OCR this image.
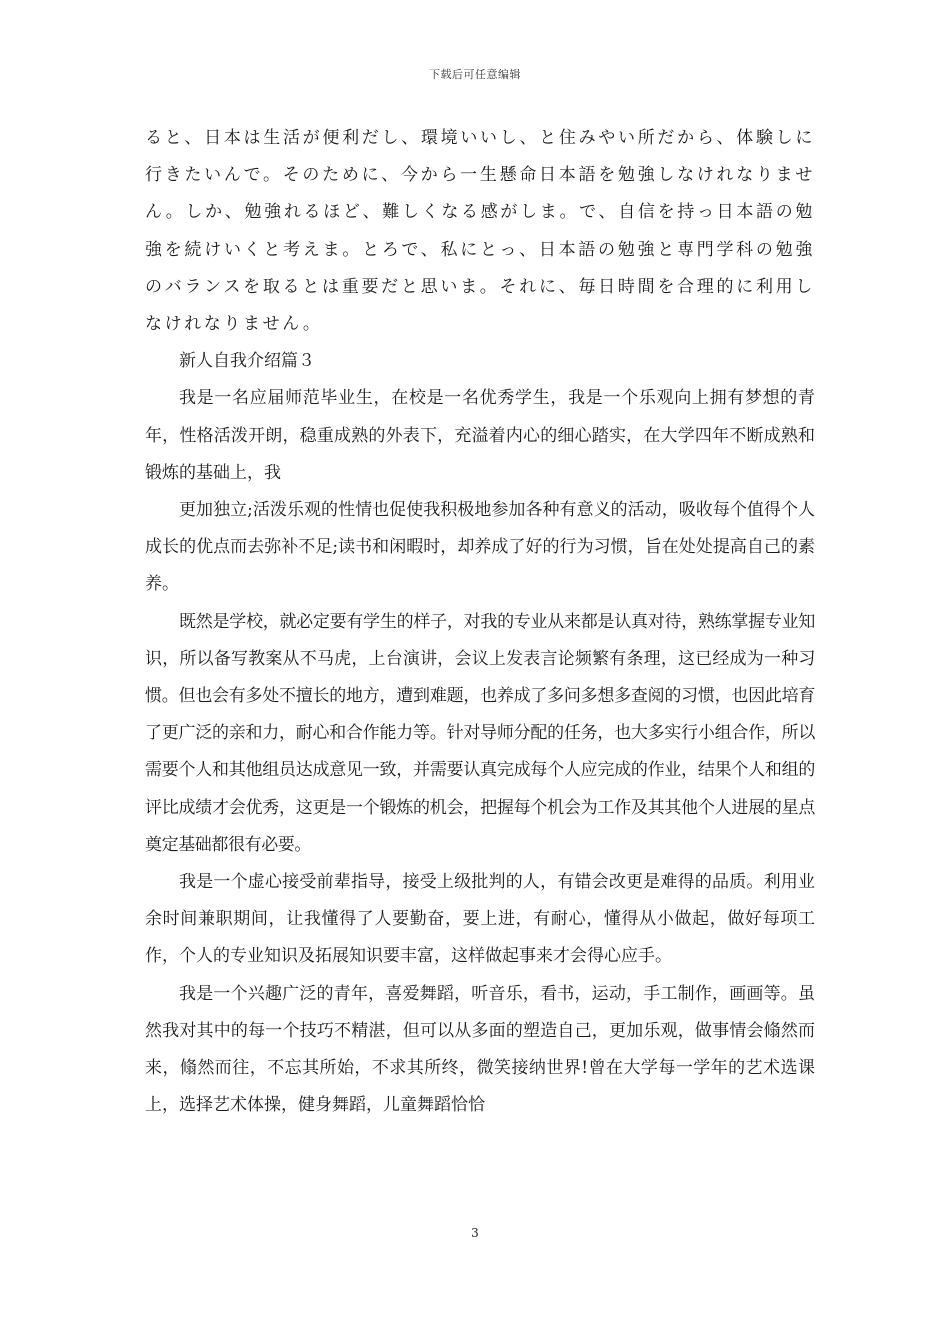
下载后可任意编辑

ると、日本は生活が便利だし、環境いいし、と住みやい所だから、体験しに行きたいんで。そのために、今から一生懸命日本語を勉強しなけれなりません。しか、勉強れるほど、難しくなる感がしま。で、自信を持っ日本語の勉強を続けいくと考えま。とろで、私にとっ、日本語の勉強と専門学科の勉強のバランスを取るとは重要だと思いま。それに、毎日時間を合理的に利用しなけれなりません。

新人自我介绍篇３

我是一名应届师范毕业生，在校是一名优秀学生，我是一个乐观向上拥有梦想的青年，性格活泼开朗，稳重成熟的外表下，充溢着内心的细心踏实，在大学四年不断成熟和锻炼的基础上，我

更加独立;活泼乐观的性情也促使我积极地参加各种有意义的活动，吸收每个值得个人成长的优点而去弥补不足;读书和闲暇时，却养成了好的行为习惯，旨在处处提高自己的素养。

既然是学校，就必定要有学生的样子，对我的专业从来都是认真对待，熟练掌握专业知识，所以备写教案从不马虎，上台演讲，会议上发表言论频繁有条理，这已经成为一种习惯。但也会有多处不擅长的地方，遭到难题，也养成了多问多想多查阅的习惯，也因此培育了更广泛的亲和力，耐心和合作能力等。针对导师分配的任务，也大多实行小组合作，所以需要个人和其他组员达成意见一致，并需要认真完成每个人应完成的作业，结果个人和组的评比成绩才会优秀，这更是一个锻炼的机会，把握每个机会为工作及其其他个人进展的星点奠定基础都很有必要。

我是一个虚心接受前辈指导，接受上级批判的人，有错会改更是难得的品质。利用业余时间兼职期间，让我懂得了人要勤奋，要上进，有耐心，懂得从小做起，做好每项工作，个人的专业知识及拓展知识要丰富，这样做起事来才会得心应手。

我是一个兴趣广泛的青年，喜爱舞蹈，听音乐，看书，运动，手工制作，画画等。虽然我对其中的每一个技巧不精湛，但可以从多面的塑造自己，更加乐观，做事情会翛然而来，翛然而往，不忘其所始，不求其所终，微笑接纳世界!曾在大学每一学年的艺术选课上，选择艺术体操，健身舞蹈，儿童舞蹈恰恰

3
